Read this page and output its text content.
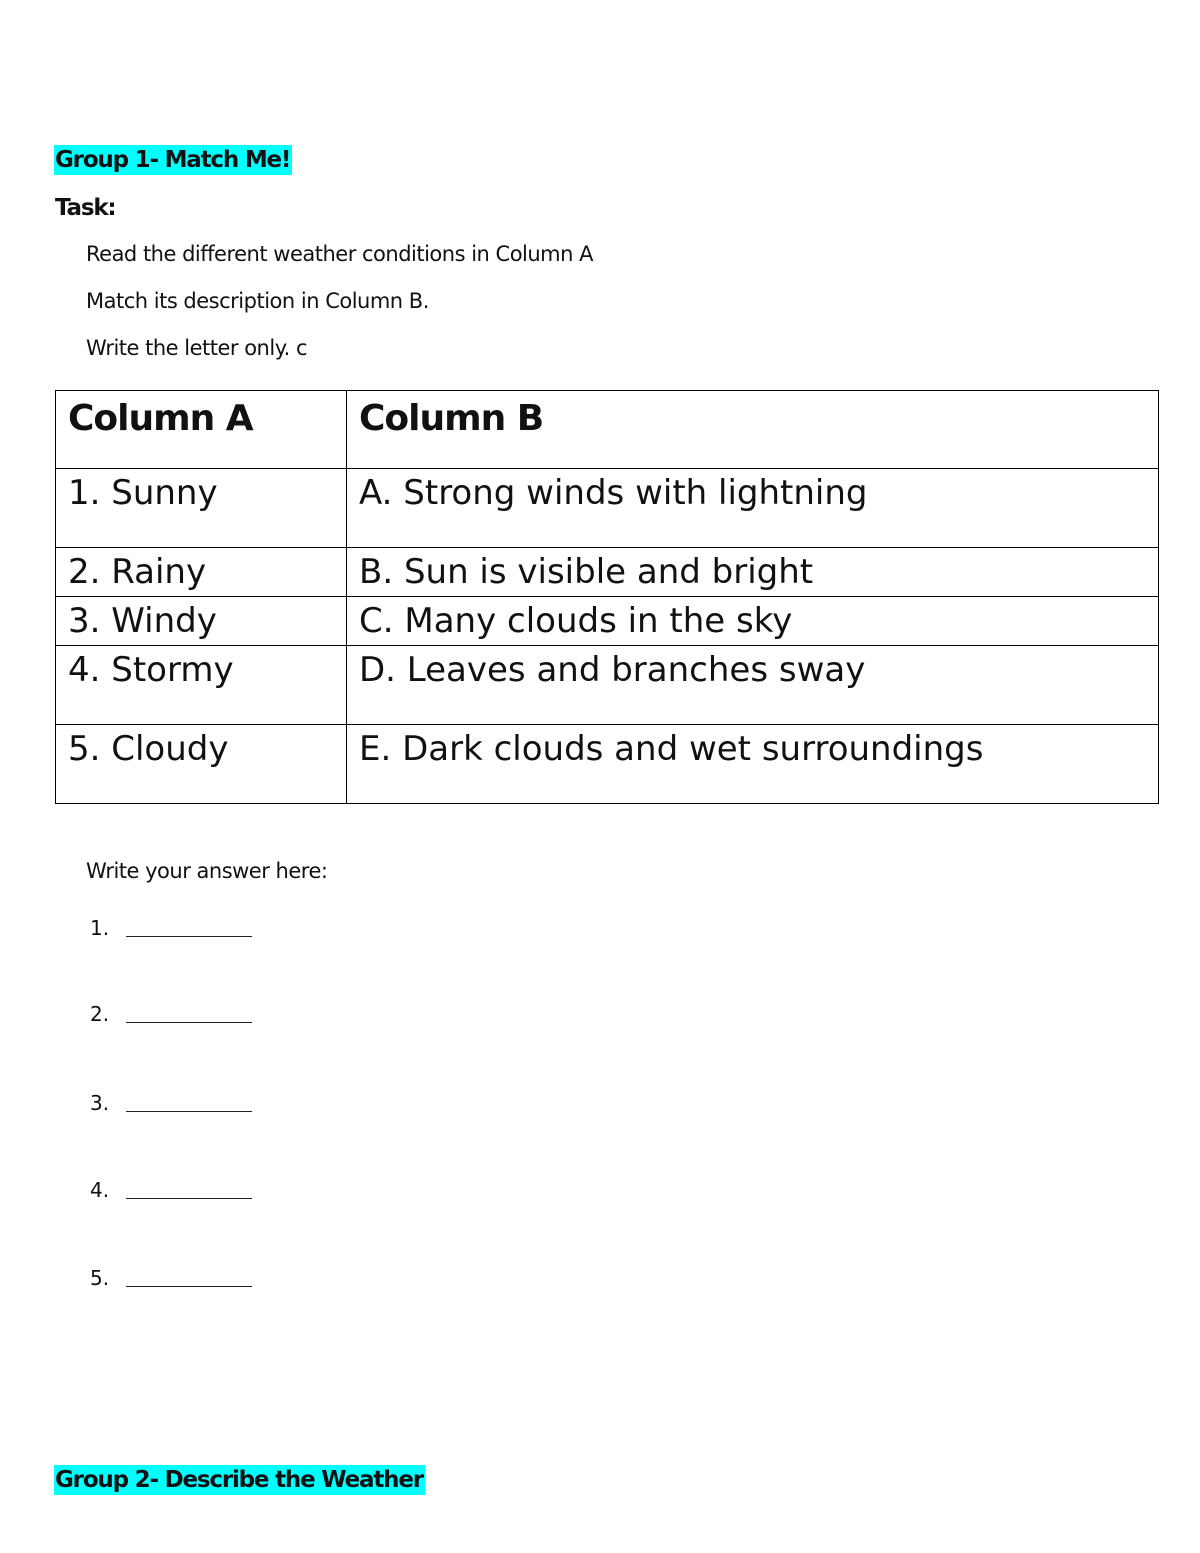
Group 1- Match Me!
Task:
Read the different weather conditions in Column A
Match its description in Column B.
Write the letter only. c
Column A	Column B
1. Sunny	A. Strong winds with lightning
2. Rainy	B. Sun is visible and bright
3. Windy	C. Many clouds in the sky
4. Stormy	D. Leaves and branches sway
5. Cloudy	E. Dark clouds and wet surroundings
Write your answer here:
1.
2.
3.
4.
5.
Group 2- Describe the Weather
